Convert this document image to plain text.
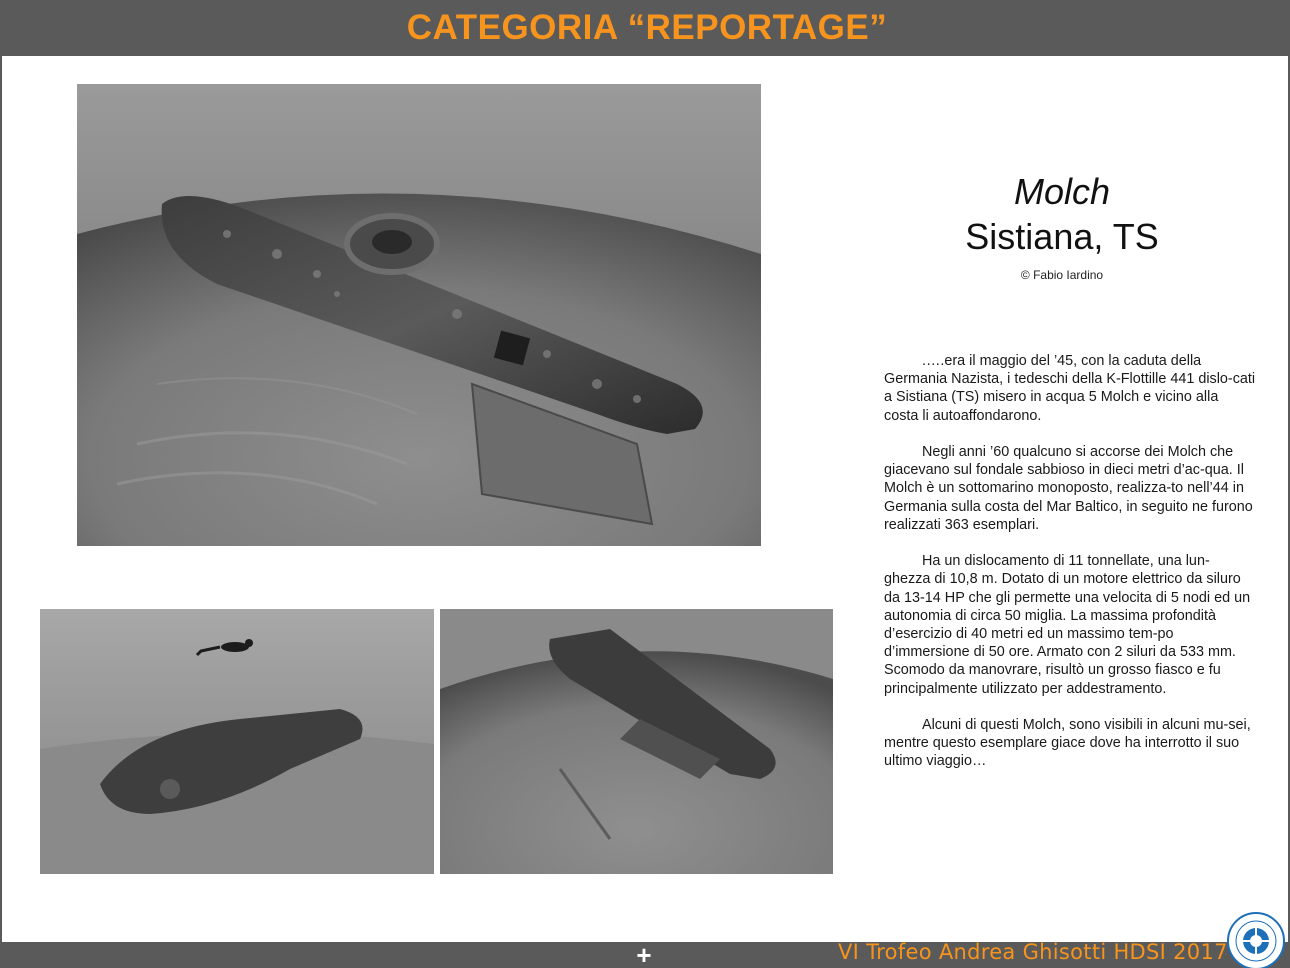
CATEGORIA “REPORTAGE”
Molch
Sistiana, TS
© Fabio Iardino

.….era il maggio del ’45, con la caduta della Germania Nazista, i tedeschi della K-Flottille 441 dislo-cati a Sistiana (TS) misero in acqua 5 Molch e vicino alla costa li autoaffondarono.

Negli anni ’60 qualcuno si accorse dei Molch che giacevano sul fondale sabbioso in dieci metri d’ac-qua. Il Molch è un sottomarino monoposto, realizza-to nell’44 in Germania sulla costa del Mar Baltico, in seguito ne furono realizzati 363 esemplari.

Ha un dislocamento di 11 tonnellate, una lun-ghezza di 10,8 m. Dotato di un motore elettrico da siluro da 13-14 HP che gli permette una velocita di 5 nodi ed un autonomia di circa 50 miglia. La massima profondità d’esercizio di 40 metri ed un massimo tem-po d’immersione di 50 ore. Armato con 2 siluri da 533 mm. Scomodo da manovrare, risultò un grosso fiasco e fu principalmente utilizzato per addestramento.

Alcuni di questi Molch, sono visibili in alcuni mu-sei, mentre questo esemplare giace dove ha interrotto il suo ultimo viaggio…

+	VI Trofeo Andrea Ghisotti HDSI 2017
